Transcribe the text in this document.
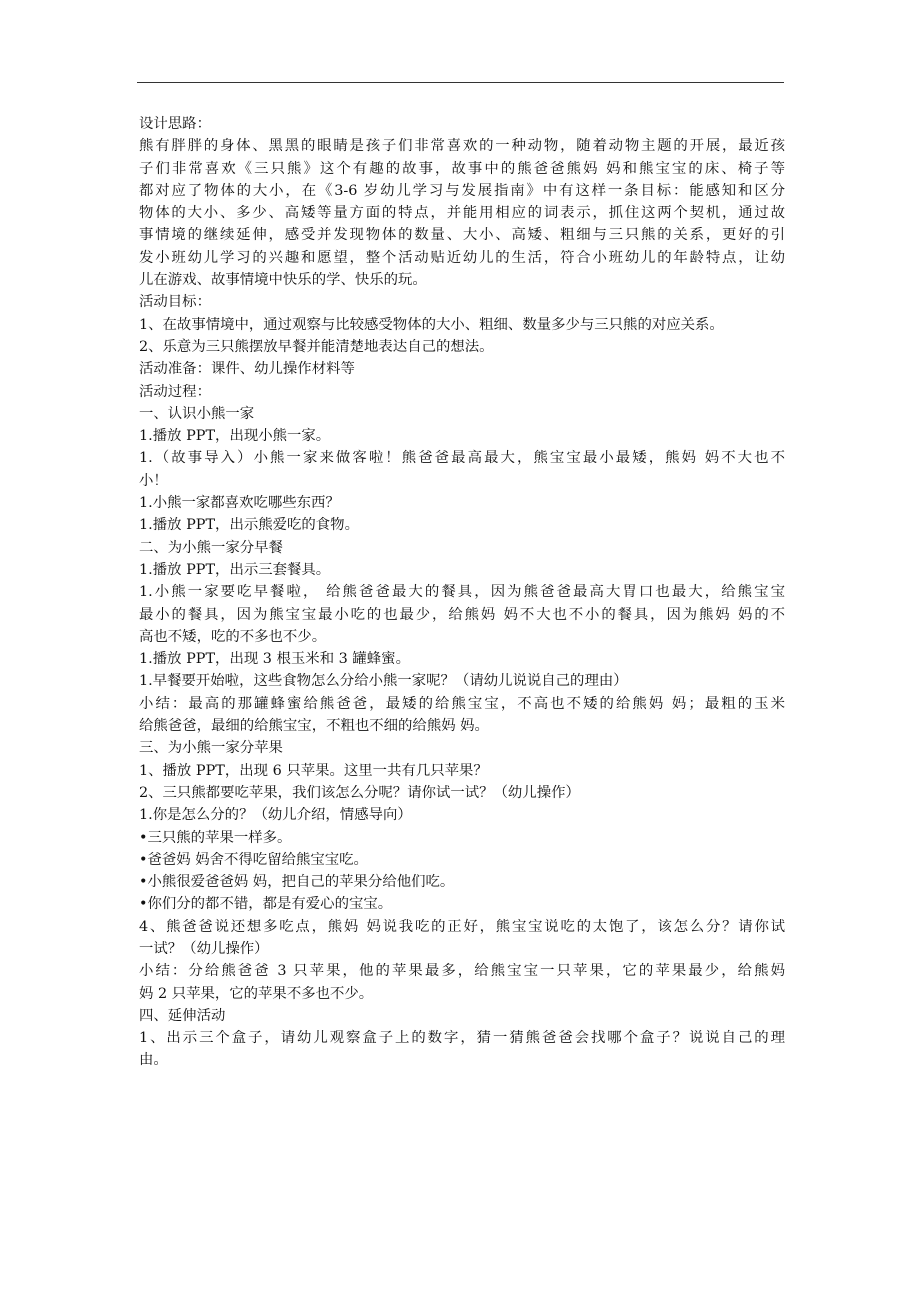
设计思路：
熊有胖胖的身体、黑黑的眼睛是孩子们非常喜欢的一种动物，随着动物主题的开展，最近孩
子们非常喜欢《三只熊》这个有趣的故事，故事中的熊爸爸熊妈 妈和熊宝宝的床、椅子等
都对应了物体的大小，在《3-6 岁幼儿学习与发展指南》中有这样一条目标：能感知和区分
物体的大小、多少、高矮等量方面的特点，并能用相应的词表示，抓住这两个契机，通过故
事情境的继续延伸，感受并发现物体的数量、大小、高矮、粗细与三只熊的关系，更好的引
发小班幼儿学习的兴趣和愿望，整个活动贴近幼儿的生活，符合小班幼儿的年龄特点，让幼
儿在游戏、故事情境中快乐的学、快乐的玩。
活动目标：
1、在故事情境中，通过观察与比较感受物体的大小、粗细、数量多少与三只熊的对应关系。
2、乐意为三只熊摆放早餐并能清楚地表达自己的想法。
活动准备：课件、幼儿操作材料等
活动过程：
一、认识小熊一家
1.播放 PPT，出现小熊一家。
1.（故事导入）小熊一家来做客啦！熊爸爸最高最大，熊宝宝最小最矮，熊妈 妈不大也不
小！
1.小熊一家都喜欢吃哪些东西？
1.播放 PPT，出示熊爱吃的食物。
二、为小熊一家分早餐
1.播放 PPT，出示三套餐具。
1.小熊一家要吃早餐啦， 给熊爸爸最大的餐具，因为熊爸爸最高大胃口也最大，给熊宝宝
最小的餐具，因为熊宝宝最小吃的也最少，给熊妈 妈不大也不小的餐具，因为熊妈 妈的不
高也不矮，吃的不多也不少。
1.播放 PPT，出现 3 根玉米和 3 罐蜂蜜。
1.早餐要开始啦，这些食物怎么分给小熊一家呢？（请幼儿说说自己的理由）
小结：最高的那罐蜂蜜给熊爸爸，最矮的给熊宝宝，不高也不矮的给熊妈 妈；最粗的玉米
给熊爸爸，最细的给熊宝宝，不粗也不细的给熊妈 妈。
三、为小熊一家分苹果
1、播放 PPT，出现 6 只苹果。这里一共有几只苹果？
2、三只熊都要吃苹果，我们该怎么分呢？请你试一试？（幼儿操作）
1.你是怎么分的？（幼儿介绍，情感导向）
•三只熊的苹果一样多。
•爸爸妈 妈舍不得吃留给熊宝宝吃。
•小熊很爱爸爸妈 妈，把自己的苹果分给他们吃。
•你们分的都不错，都是有爱心的宝宝。
4、熊爸爸说还想多吃点，熊妈 妈说我吃的正好，熊宝宝说吃的太饱了，该怎么分？请你试
一试？（幼儿操作）
小结：分给熊爸爸 3 只苹果，他的苹果最多，给熊宝宝一只苹果，它的苹果最少，给熊妈
妈 2 只苹果，它的苹果不多也不少。
四、延伸活动
1、出示三个盒子，请幼儿观察盒子上的数字，猜一猜熊爸爸会找哪个盒子？说说自己的理
由。
